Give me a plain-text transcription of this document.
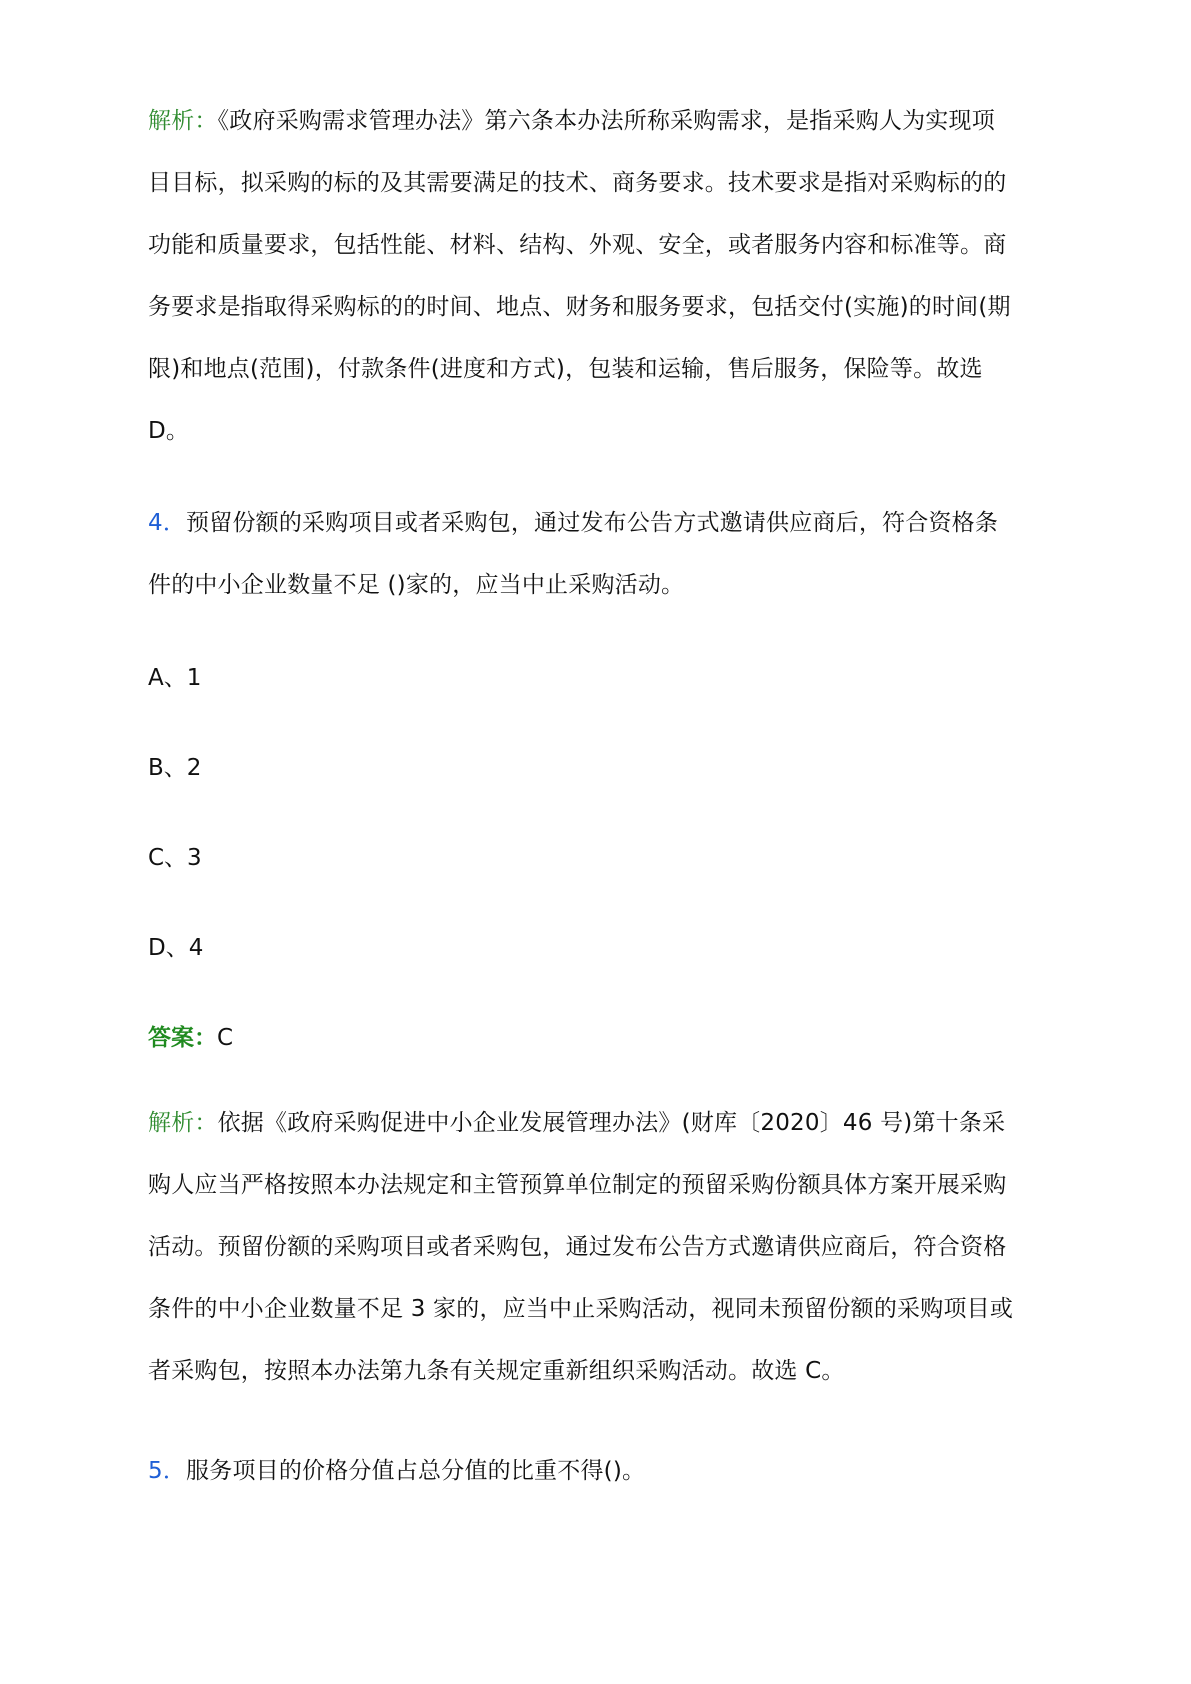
解析：《政府采购需求管理办法》第六条本办法所称采购需求，是指采购人为实现项
目目标，拟采购的标的及其需要满足的技术、商务要求。技术要求是指对采购标的的
功能和质量要求，包括性能、材料、结构、外观、安全，或者服务内容和标准等。商
务要求是指取得采购标的的时间、地点、财务和服务要求，包括交付(实施)的时间(期
限)和地点(范围)，付款条件(进度和方式)，包装和运输，售后服务，保险等。故选
D。
4．预留份额的采购项目或者采购包，通过发布公告方式邀请供应商后，符合资格条
件的中小企业数量不足 ()家的，应当中止采购活动。
A、1
B、2
C、3
D、4
答案：C
解析：依据《政府采购促进中小企业发展管理办法》(财库〔2020〕46 号)第十条采
购人应当严格按照本办法规定和主管预算单位制定的预留采购份额具体方案开展采购
活动。预留份额的采购项目或者采购包，通过发布公告方式邀请供应商后，符合资格
条件的中小企业数量不足 3 家的，应当中止采购活动，视同未预留份额的采购项目或
者采购包，按照本办法第九条有关规定重新组织采购活动。故选 C。
5．服务项目的价格分值占总分值的比重不得()。
